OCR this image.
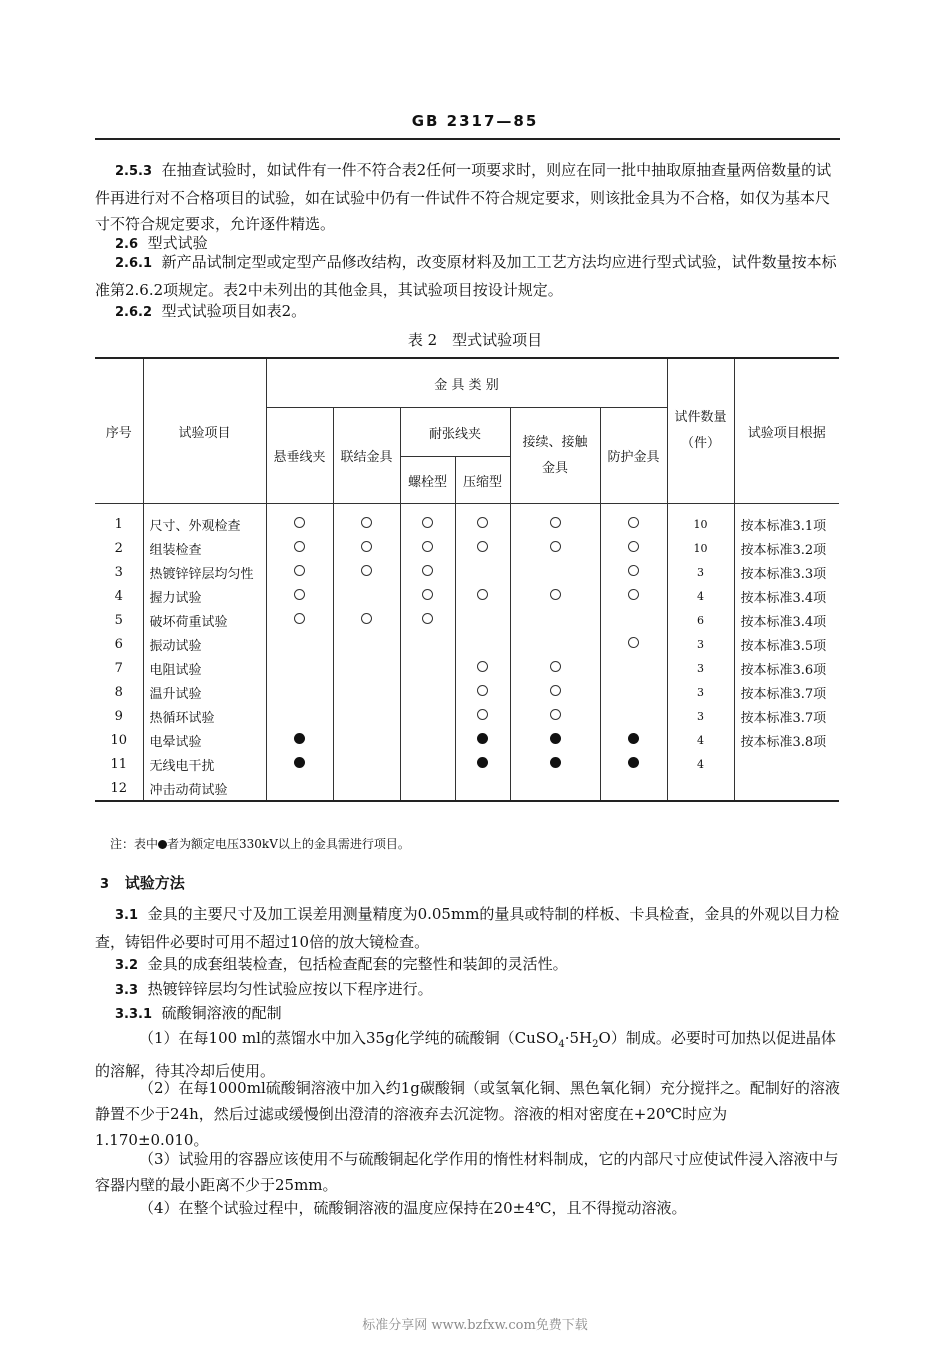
GB 2317—85
2.5.3 在抽查试验时，如试件有一件不符合表2任何一项要求时，则应在同一批中抽取原抽查量两倍数量的试件再进行对不合格项目的试验，如在试验中仍有一件试件不符合规定要求，则该批金具为不合格，如仅为基本尺寸不符合规定要求，允许逐件精选。
2.6 型式试验
2.6.1 新产品试制定型或定型产品修改结构，改变原材料及加工工艺方法均应进行型式试验，试件数量按本标准第2.6.2项规定。表2中未列出的其他金具，其试验项目按设计规定。
2.6.2 型式试验项目如表2。
表 2　型式试验项目
序号	试验项目	金 具 类 别						试件数量（件）	试验项目根据
		悬垂线夹	联结金具	耐张线夹		接续、接触金具	防护金具		
				螺栓型	压缩型				
1	尺寸、外观检查							10	按本标准3.1项
2	组装检查							10	按本标准3.2项
3	热镀锌锌层均匀性							3	按本标准3.3项
4	握力试验							4	按本标准3.4项
5	破坏荷重试验							6	按本标准3.4项
6	振动试验							3	按本标准3.5项
7	电阻试验							3	按本标准3.6项
8	温升试验							3	按本标准3.7项
9	热循环试验							3	按本标准3.7项
10	电晕试验							4	按本标准3.8项
11	无线电干扰							4	
12	冲击动荷试验								
注：表中 者为额定电压330kV以上的金具需进行项目。
3 试验方法
3.1 金具的主要尺寸及加工误差用测量精度为0.05mm的量具或特制的样板、卡具检查，金具的外观以目力检查，铸铝件必要时可用不超过10倍的放大镜检查。
3.2 金具的成套组装检查，包括检查配套的完整性和装卸的灵活性。
3.3 热镀锌锌层均匀性试验应按以下程序进行。
3.3.1 硫酸铜溶液的配制
（1）在每100 ml的蒸馏水中加入35g化学纯的硫酸铜$(CuSO_4\cdot 5H_2O)$制成。必要时可加热以促进晶体的溶解，待其冷却后使用。
（2）在每1000ml硫酸铜溶液中加入约1g碳酸铜（或氢氧化铜、黑色氧化铜）充分搅拌之。配制好的溶液静置不少于24h，然后过滤或缓慢倒出澄清的溶液弃去沉淀物。溶液的相对密度在+20℃时应为1.170±0.010。
（3）试验用的容器应该使用不与硫酸铜起化学作用的惰性材料制成，它的内部尺寸应使试件浸入溶液中与容器内壁的最小距离不少于25mm。
（4）在整个试验过程中，硫酸铜溶液的温度应保持在20±4℃，且不得搅动溶液。
标准分享网 www.bzfxw.com免费下载
